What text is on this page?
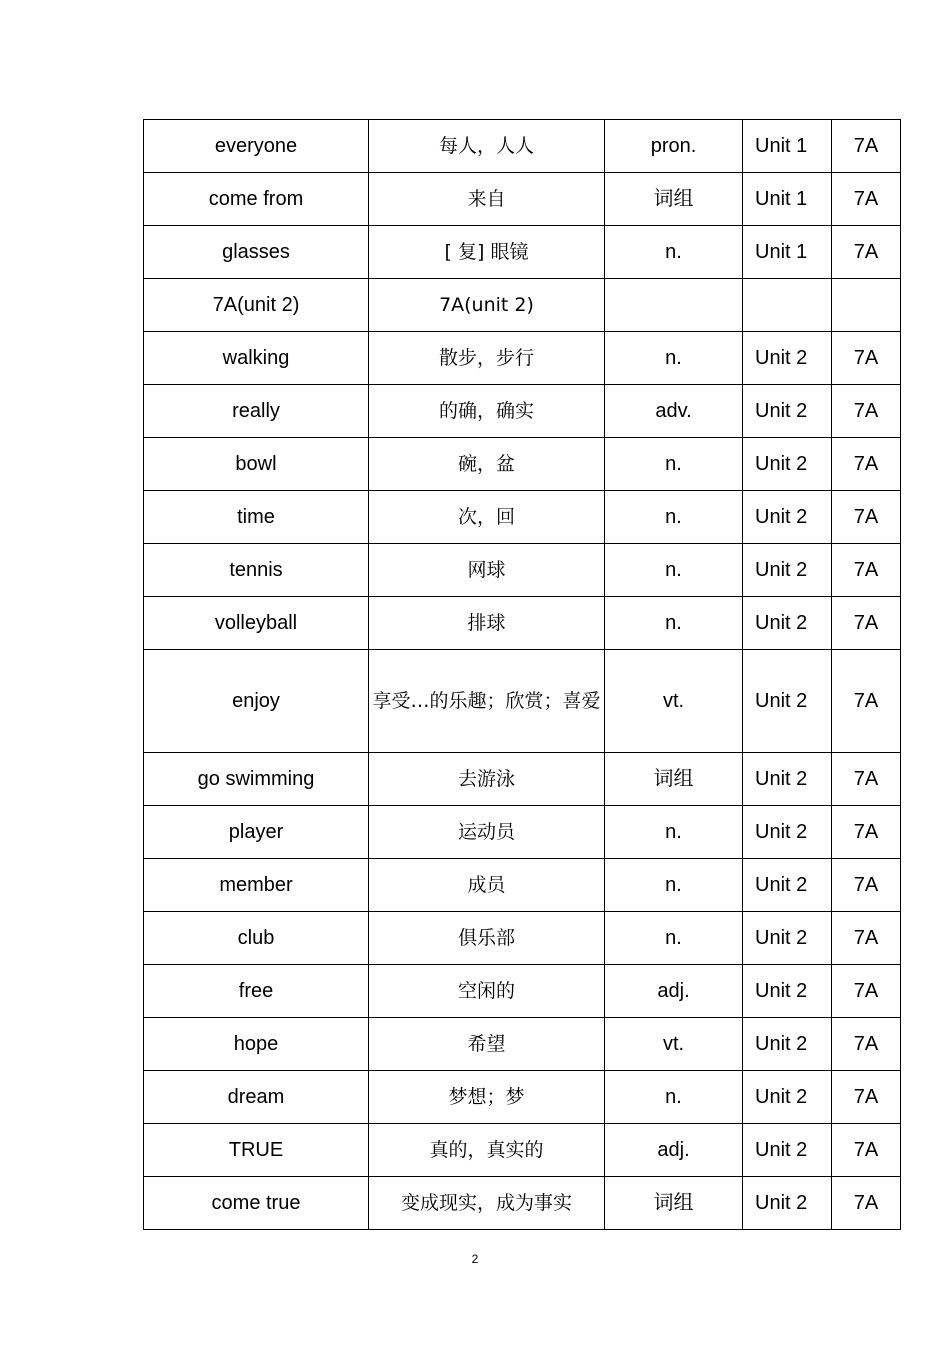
everyone	每人，人人	pron.	Unit 1	7A
come from	来自	词组	Unit 1	7A
glasses	[ 复] 眼镜	n.	Unit 1	7A
7A(unit 2)	7A(unit 2)			
walking	散步，步行	n.	Unit 2	7A
really	的确，确实	adv.	Unit 2	7A
bowl	碗，盆	n.	Unit 2	7A
time	次，回	n.	Unit 2	7A
tennis	网球	n.	Unit 2	7A
volleyball	排球	n.	Unit 2	7A
enjoy	享受…的乐趣；欣赏；喜爱	vt.	Unit 2	7A
go swimming	去游泳	词组	Unit 2	7A
player	运动员	n.	Unit 2	7A
member	成员	n.	Unit 2	7A
club	俱乐部	n.	Unit 2	7A
free	空闲的	adj.	Unit 2	7A
hope	希望	vt.	Unit 2	7A
dream	梦想；梦	n.	Unit 2	7A
TRUE	真的，真实的	adj.	Unit 2	7A
come true	变成现实，成为事实	词组	Unit 2	7A
2
